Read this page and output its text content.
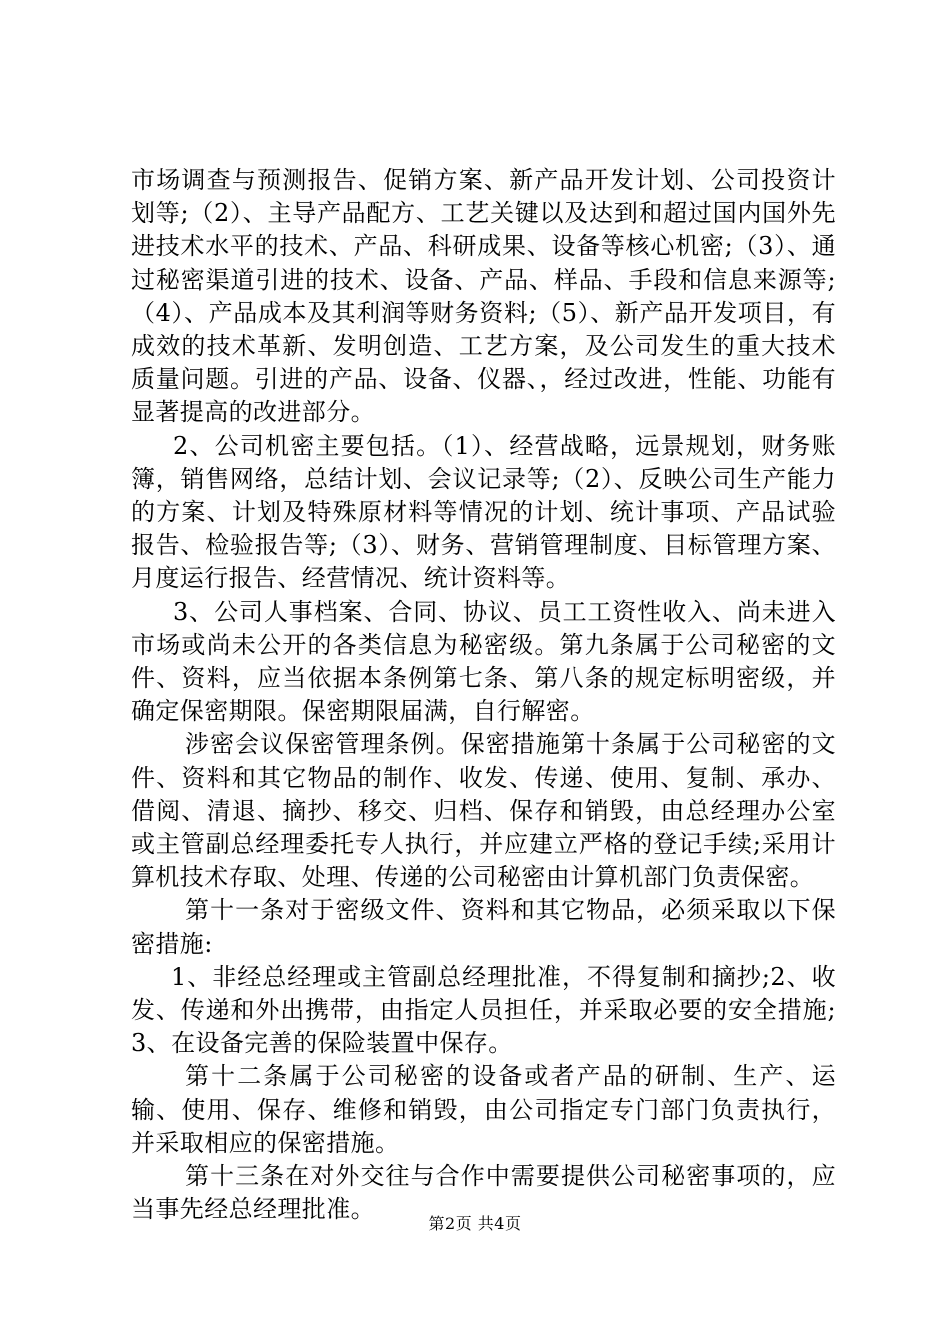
市场调查与预测报告、促销方案、新产品开发计划、公司投资计划等;（2）、主导产品配方、工艺关键以及达到和超过国内国外先进技术水平的技术、产品、科研成果、设备等核心机密;（3）、通过秘密渠道引进的技术、设备、产品、样品、手段和信息来源等;（4）、产品成本及其利润等财务资料;（5）、新产品开发项目，有成效的技术革新、发明创造、工艺方案，及公司发生的重大技术质量问题。引进的产品、设备、仪器、，经过改进，性能、功能有显著提高的改进部分。

2、公司机密主要包括。（1）、经营战略，远景规划，财务账簿，销售网络，总结计划、会议记录等;（2）、反映公司生产能力的方案、计划及特殊原材料等情况的计划、统计事项、产品试验报告、检验报告等;（3）、财务、营销管理制度、目标管理方案、月度运行报告、经营情况、统计资料等。

3、公司人事档案、合同、协议、员工工资性收入、尚未进入市场或尚未公开的各类信息为秘密级。第九条属于公司秘密的文件、资料，应当依据本条例第七条、第八条的规定标明密级，并确定保密期限。保密期限届满，自行解密。

涉密会议保密管理条例。保密措施第十条属于公司秘密的文件、资料和其它物品的制作、收发、传递、使用、复制、承办、借阅、清退、摘抄、移交、归档、保存和销毁，由总经理办公室或主管副总经理委托专人执行，并应建立严格的登记手续;采用计算机技术存取、处理、传递的公司秘密由计算机部门负责保密。

第十一条对于密级文件、资料和其它物品，必须采取以下保密措施:

1、非经总经理或主管副总经理批准，不得复制和摘抄;2、收发、传递和外出携带，由指定人员担任，并采取必要的安全措施;3、在设备完善的保险装置中保存。

第十二条属于公司秘密的设备或者产品的研制、生产、运输、使用、保存、维修和销毁，由公司指定专门部门负责执行，并采取相应的保密措施。

第十三条在对外交往与合作中需要提供公司秘密事项的，应当事先经总经理批准。

第2页 共4页
